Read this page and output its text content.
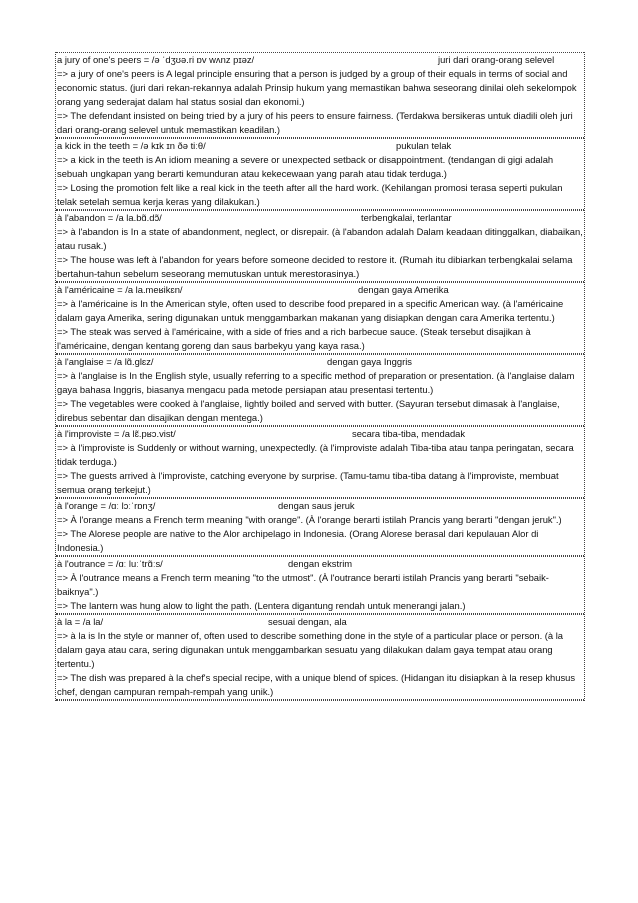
a jury of one's peers = /ə ˈdʒʊə.ri ɒv wʌnz pɪəz/	juri dari orang-orang selevel
=> a jury of one's peers is A legal principle ensuring that a person is judged by a group of their equals in terms of social and economic status. (juri dari rekan-rekannya adalah Prinsip hukum yang memastikan bahwa seseorang dinilai oleh sekelompok orang yang sederajat dalam hal status sosial dan ekonomi.)
=> The defendant insisted on being tried by a jury of his peers to ensure fairness. (Terdakwa bersikeras untuk diadili oleh juri dari orang-orang selevel untuk memastikan keadilan.)
a kick in the teeth = /ə kɪk ɪn ðə tiːθ/	pukulan telak
=> a kick in the teeth is An idiom meaning a severe or unexpected setback or disappointment. (tendangan di gigi adalah sebuah ungkapan yang berarti kemunduran atau kekecewaan yang parah atau tidak terduga.)
=> Losing the promotion felt like a real kick in the teeth after all the hard work. (Kehilangan promosi terasa seperti pukulan telak setelah semua kerja keras yang dilakukan.)
à l'abandon = /a la.bɑ̃.dɔ̃/	terbengkalai, terlantar
=> à l'abandon is In a state of abandonment, neglect, or disrepair. (à l'abandon adalah Dalam keadaan ditinggalkan, diabaikan, atau rusak.)
=> The house was left à l'abandon for years before someone decided to restore it. (Rumah itu dibiarkan terbengkalai selama bertahun-tahun sebelum seseorang memutuskan untuk merestorasinya.)
à l'américaine = /a la.meʁikɛn/	dengan gaya Amerika
=> à l'américaine is In the American style, often used to describe food prepared in a specific American way. (à l'américaine dalam gaya Amerika, sering digunakan untuk menggambarkan makanan yang disiapkan dengan cara Amerika tertentu.)
=> The steak was served à l'américaine, with a side of fries and a rich barbecue sauce. (Steak tersebut disajikan à l'américaine, dengan kentang goreng dan saus barbekyu yang kaya rasa.)
à l'anglaise = /a lɑ̃.ɡlɛz/	dengan gaya Inggris
=> à l'anglaise is In the English style, usually referring to a specific method of preparation or presentation. (à l'anglaise dalam gaya bahasa Inggris, biasanya mengacu pada metode persiapan atau presentasi tertentu.)
=> The vegetables were cooked à l'anglaise, lightly boiled and served with butter. (Sayuran tersebut dimasak à l'anglaise, direbus sebentar dan disajikan dengan mentega.)
à l'improviste = /a lɛ̃.pʁɔ.vist/	secara tiba-tiba, mendadak
=> à l'improviste is Suddenly or without warning, unexpectedly. (à l'improviste adalah Tiba-tiba atau tanpa peringatan, secara tidak terduga.)
=> The guests arrived à l'improviste, catching everyone by surprise. (Tamu-tamu tiba-tiba datang à l'improviste, membuat semua orang terkejut.)
à l'orange = /ɑː lɔːˈrɒnʒ/	dengan saus jeruk
=> À l'orange means a French term meaning "with orange". (À l'orange berarti istilah Prancis yang berarti "dengan jeruk".)
=> The Alorese people are native to the Alor archipelago in Indonesia. (Orang Alorese berasal dari kepulauan Alor di Indonesia.)
à l'outrance = /ɑː luːˈtrɑ̃ːs/	dengan ekstrim
=> À l'outrance means a French term meaning "to the utmost". (À l'outrance berarti istilah Prancis yang berarti "sebaik-baiknya".)
=> The lantern was hung alow to light the path. (Lentera digantung rendah untuk menerangi jalan.)
à la = /a la/	sesuai dengan, ala
=> à la is In the style or manner of, often used to describe something done in the style of a particular place or person. (à la dalam gaya atau cara, sering digunakan untuk menggambarkan sesuatu yang dilakukan dalam gaya tempat atau orang tertentu.)
=> The dish was prepared à la chef's special recipe, with a unique blend of spices. (Hidangan itu disiapkan à la resep khusus chef, dengan campuran rempah-rempah yang unik.)
